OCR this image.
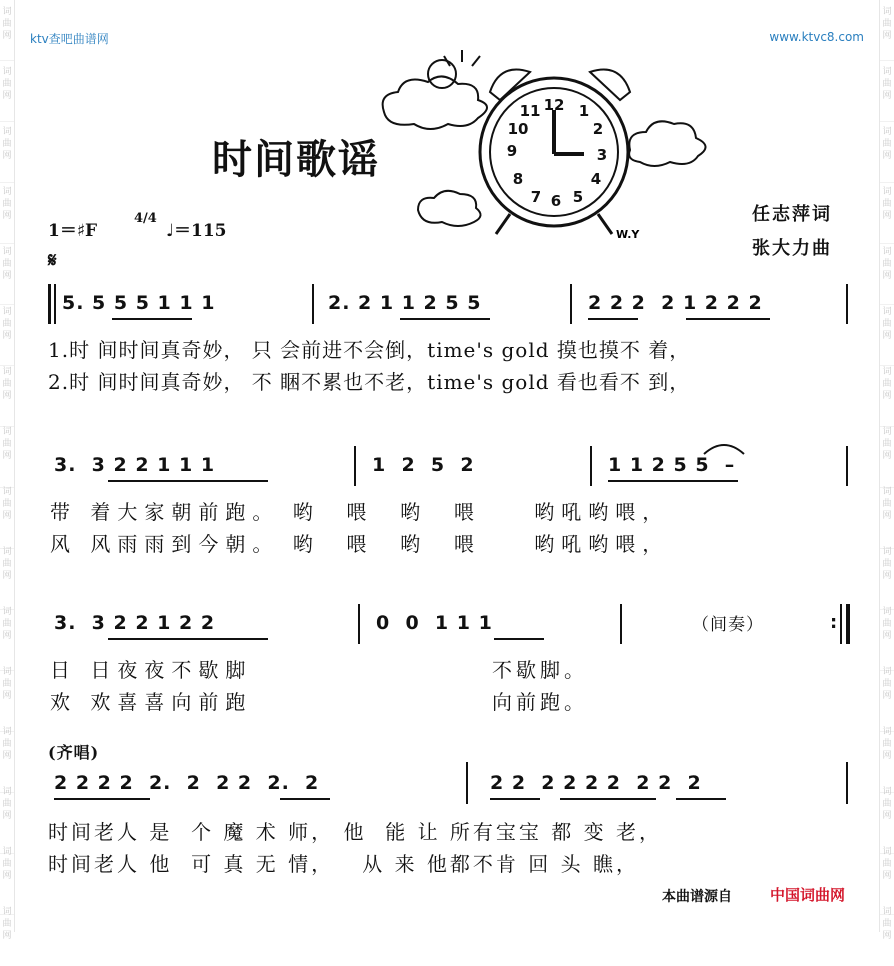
词
曲
网

词
曲
网

词
曲
网

词
曲
网

词
曲
网

词
曲
网

词
曲
网

词
曲
网

词
曲
网

词
曲
网

词
曲
网

词
曲
网

词
曲
网

词
曲
网

词
曲
网

词
曲
网

词
曲
网

词
曲
网

词
曲
网

词
曲
网

词
曲
网

词
曲
网

词
曲
网

词
曲
网

词
曲
网

词
曲
网

词
曲
网

词
曲
网

词
曲
网

词
曲
网

词
曲
网

词
曲
网

ktv查吧曲谱网	www.ktvc8.com
时间歌谣
12 1
2
3
4
5
6
7
8
9
10
11
W.Y
任志萍词
张大力曲
1＝♯F
4/4
♩＝115
𝄋
5. 5 5 5 1 1 1	2. 2 1 1 2 5 5	2 2 2  2 1 2 2 2
1.时 间时间真奇妙， 只 会前进不会倒，time's gold 摸也摸不 着，
2.时 间时间真奇妙， 不 睏不累也不老，time's gold 看也看不 到，
3.  3 2 2 1 1 1	1  2  5  2	1 1 2 5 5  –
带 着大家朝前跑。 哟  喂  哟  喂    哟吼哟喂，
风 风雨雨到今朝。 哟  喂  哟  喂    哟吼哟喂，
3.  3 2 2 1 2 2	0  0  1 1 1	（间奏）	:
日 日夜夜不歇脚	不歇脚。
欢 欢喜喜向前跑	向前跑。
(齐唱)
2 2 2 2  2.  2  2 2  2.  2	2 2  2 2 2 2  2 2  2
时间老人 是  个 魔 术 师， 他  能 让 所有宝宝 都 变 老，
时间老人 他  可 真 无 情，   从 来 他都不肯 回 头 瞧，
本曲谱源自	中国词曲网
